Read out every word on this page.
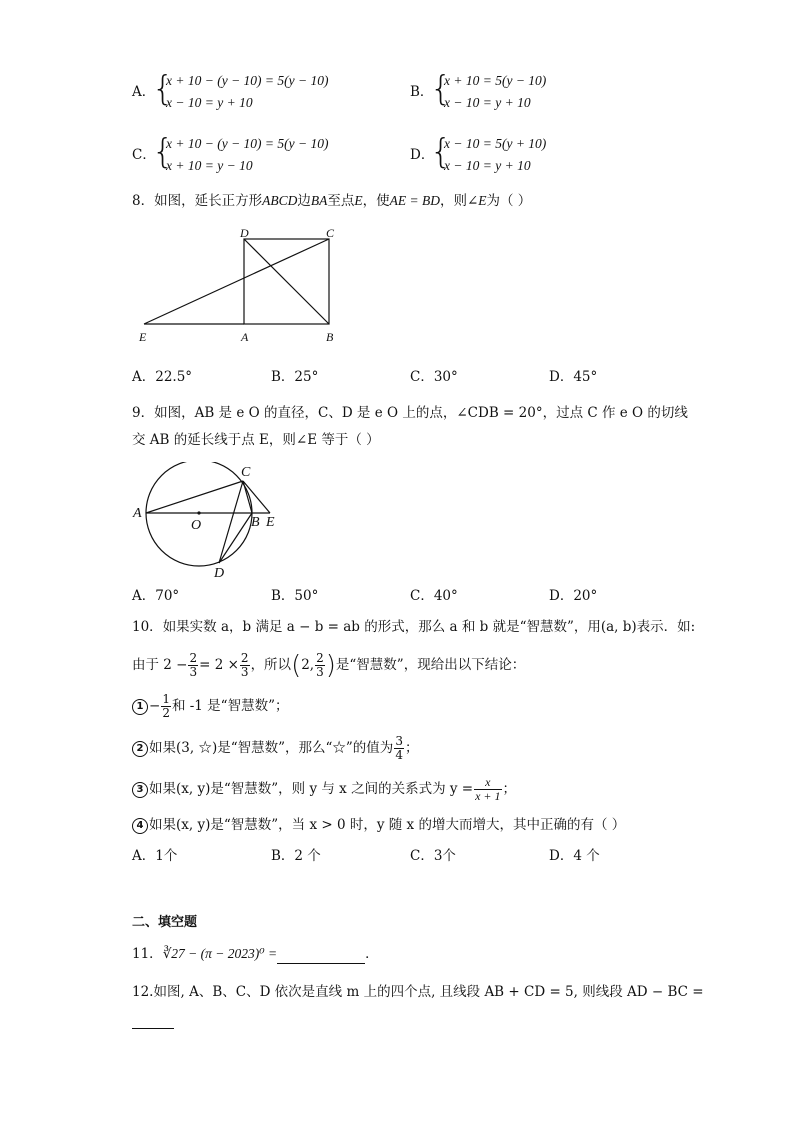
A．
{
x + 10 − (y − 10) = 5(y − 10)
x − 10 = y + 10
B．
{
x + 10 = 5(y − 10)
x − 10 = y + 10
C．
{
x + 10 − (y − 10) = 5(y − 10)
x + 10 = y − 10
D．
{
x − 10 = 5(y + 10)
x − 10 = y + 10
8．如图，延长正方形ABCD边BA至点E，使AE = BD，则∠E为（ ）
D	C
E	A	B
A．22.5°	B．25°	C．30°	D．45°
9．如图，AB 是 e O 的直径，C、D 是 e O 上的点，∠CDB = 20°，过点 C 作 e O 的切线
交 AB 的延长线于点 E，则∠E 等于（ ）
A
C
O	B E
D
A．70°	B．50°	C．40°	D．20°
10．如果实数 a，b 满足 a − b = ab 的形式，那么 a 和 b 就是“智慧数”，用(a, b)表示．如:
由于 $2 - \frac{2}{3} = 2 \times \frac{2}{3}$ ，所以(2, $\frac{2}{3}$ )是“智慧数”，现给出以下结论：
$1 - \frac{1}{2}$ 和 -1 是“智慧数”；
2 如果(3, ☆)是“智慧数”，那么“☆”的值为 $\frac{3}{4}$ ；
3 如果(x, y)是“智慧数”，则 y 与 x 之间的关系式为 $y = \frac{x}{x + 1}$ ；
4 如果(x, y)是“智慧数”，当 x > 0 时，y 随 x 的增大而增大，其中正确的有（ ）
A．1个	B．2 个	C．3个	D．4 个
二、填空题
11．∛27 − (π − 2023)⁰ =	．
12.如图, A、B、C、D 依次是直线 m 上的四个点, 且线段 AB + CD = 5, 则线段 AD − BC =
